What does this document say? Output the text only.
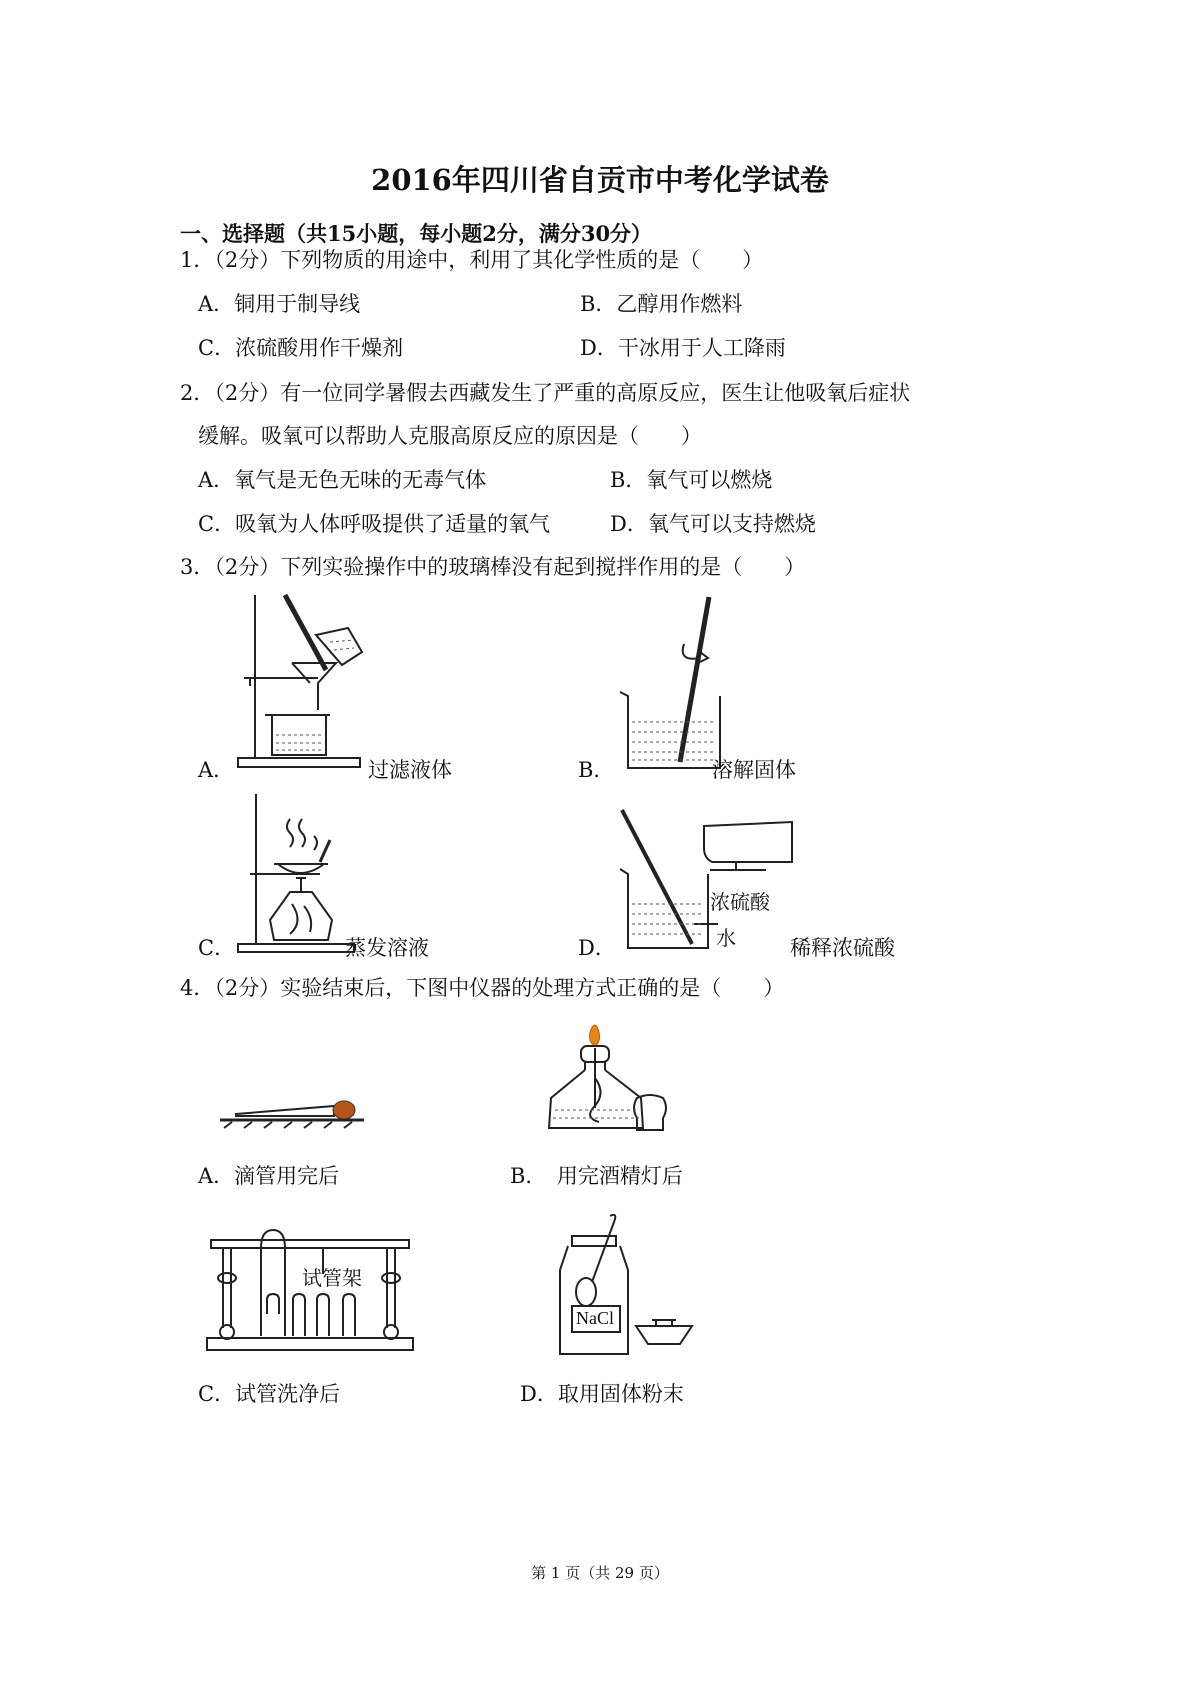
2016年四川省自贡市中考化学试卷
一、选择题（共15小题，每小题2分，满分30分）
1．（2分）下列物质的用途中，利用了其化学性质的是（　　）
A．铜用于制导线	B．乙醇用作燃料
C．浓硫酸用作干燥剂	D．干冰用于人工降雨
2．（2分）有一位同学暑假去西藏发生了严重的高原反应，医生让他吸氧后症状
缓解。吸氧可以帮助人克服高原反应的原因是（　　）
A．氧气是无色无味的无毒气体	B．氧气可以燃烧
C．吸氧为人体呼吸提供了适量的氧气	D．氧气可以支持燃烧
3．（2分）下列实验操作中的玻璃棒没有起到搅拌作用的是（　　）
A．	过滤液体	B．	溶解固体
C．	蒸发溶液
浓硫酸
水
D．	稀释浓硫酸
4．（2分）实验结束后，下图中仪器的处理方式正确的是（　　）
A．滴管用完后	B．　用完酒精灯后
试管架
C．试管洗净后
NaCl
D．取用固体粉末
第 1 页（共 29 页）
